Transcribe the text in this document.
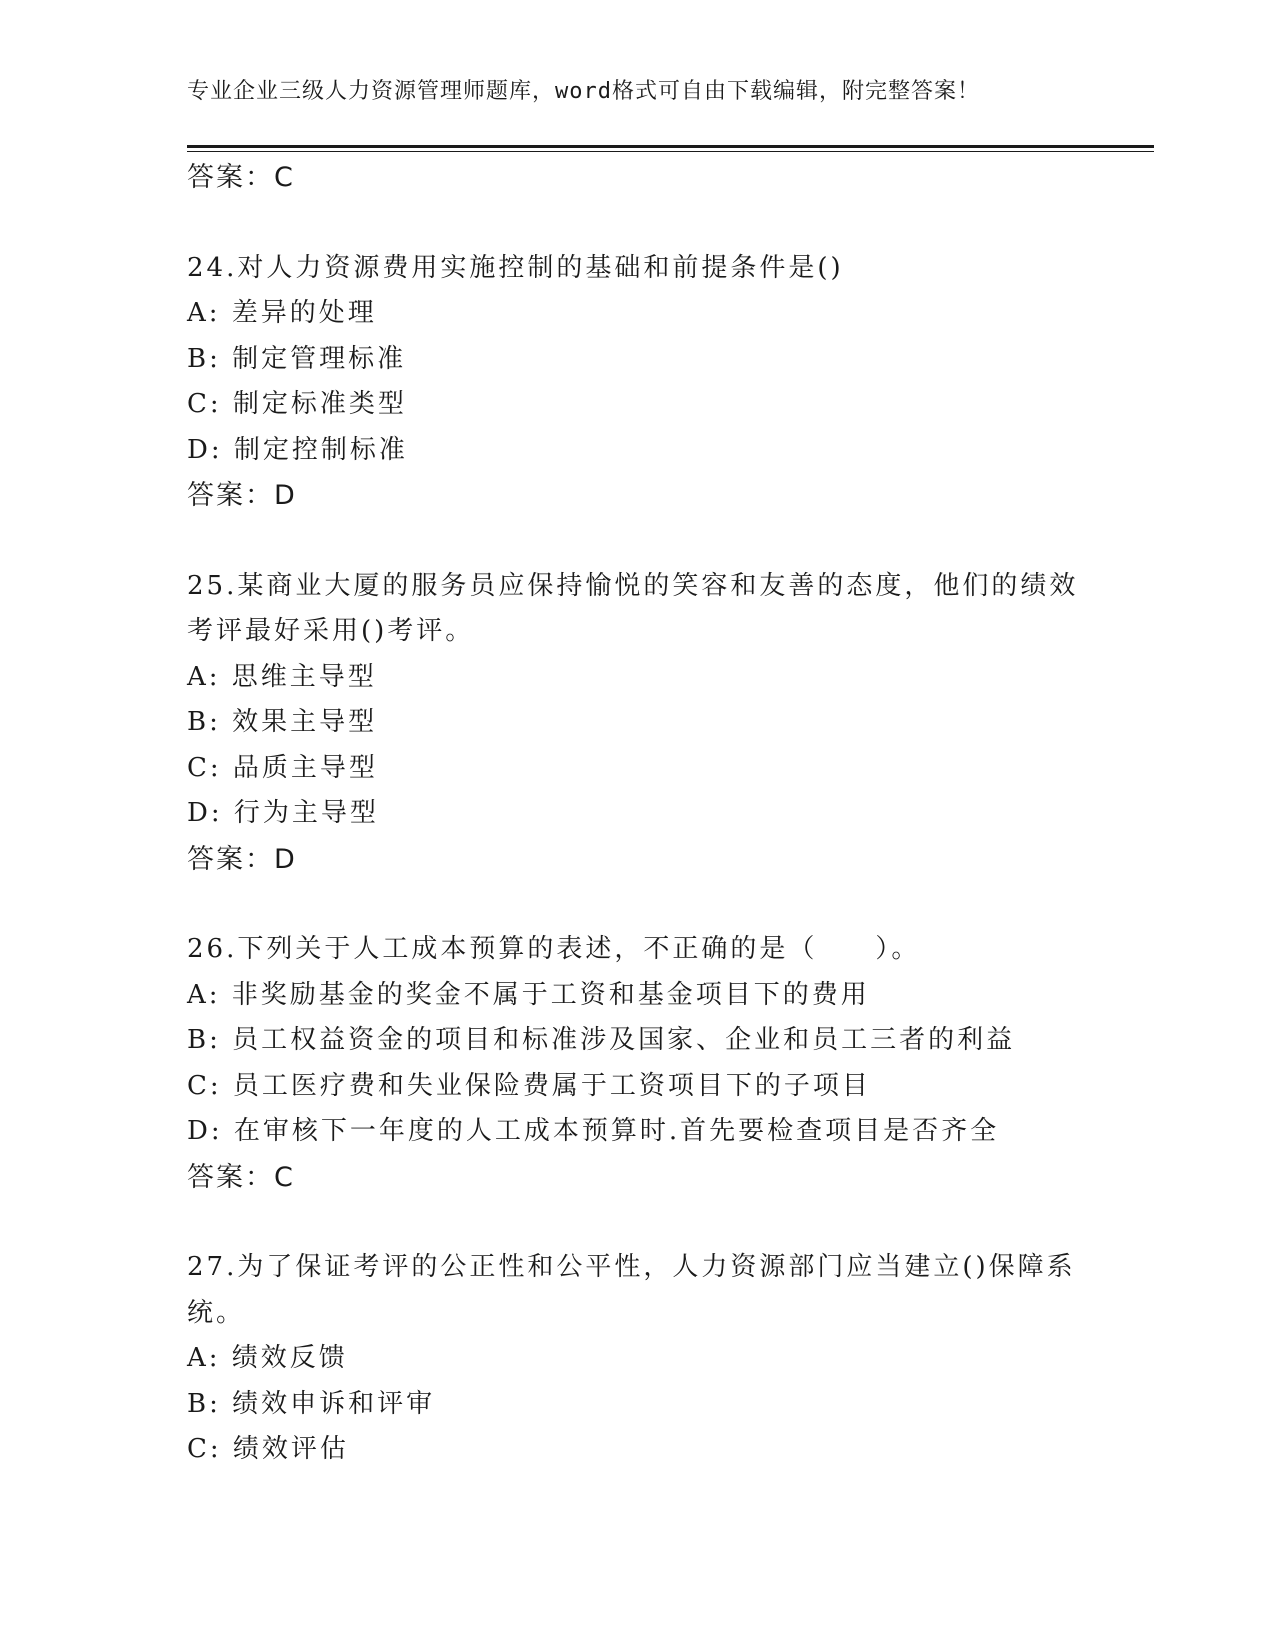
专业企业三级人力资源管理师题库，word格式可自由下载编辑，附完整答案！
答案：C
24.对人力资源费用实施控制的基础和前提条件是()
A: 差异的处理
B: 制定管理标准
C: 制定标准类型
D: 制定控制标准
答案：D
25.某商业大厦的服务员应保持愉悦的笑容和友善的态度，他们的绩效
考评最好采用()考评。
A: 思维主导型
B: 效果主导型
C: 品质主导型
D: 行为主导型
答案：D
26.下列关于人工成本预算的表述，不正确的是（　　）。
A: 非奖励基金的奖金不属于工资和基金项目下的费用
B: 员工权益资金的项目和标准涉及国家、企业和员工三者的利益
C: 员工医疗费和失业保险费属于工资项目下的子项目
D: 在审核下一年度的人工成本预算时.首先要检查项目是否齐全
答案：C
27.为了保证考评的公正性和公平性，人力资源部门应当建立()保障系
统。
A: 绩效反馈
B: 绩效申诉和评审
C: 绩效评估
